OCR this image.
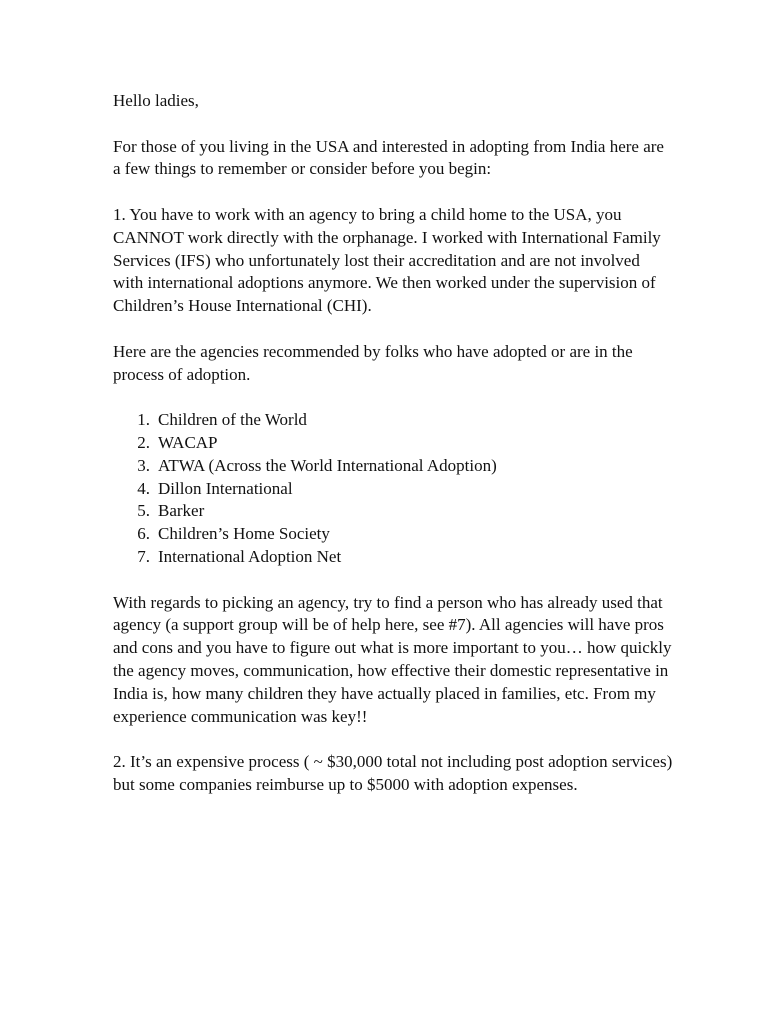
Hello ladies,

For those of you living in the USA and interested in adopting from India here are a few things to remember or consider before you begin:

1. You have to work with an agency to bring a child home to the USA, you CANNOT work directly with the orphanage. I worked with International Family Services (IFS) who unfortunately lost their accreditation and are not involved with international adoptions anymore. We then worked under the supervision of Children’s House International (CHI).

Here are the agencies recommended by folks who have adopted or are in the process of adoption.

1. Children of the World
2. WACAP
3. ATWA (Across the World International Adoption)
4. Dillon International
5. Barker
6. Children’s Home Society
7. International Adoption Net

With regards to picking an agency, try to find a person who has already used that agency (a support group will be of help here, see #7). All agencies will have pros and cons and you have to figure out what is more important to you… how quickly the agency moves, communication, how effective their domestic representative in India is, how many children they have actually placed in families, etc. From my experience communication was key!!

2. It’s an expensive process ( ~ $30,000 total not including post adoption services) but some companies reimburse up to $5000 with adoption expenses.
